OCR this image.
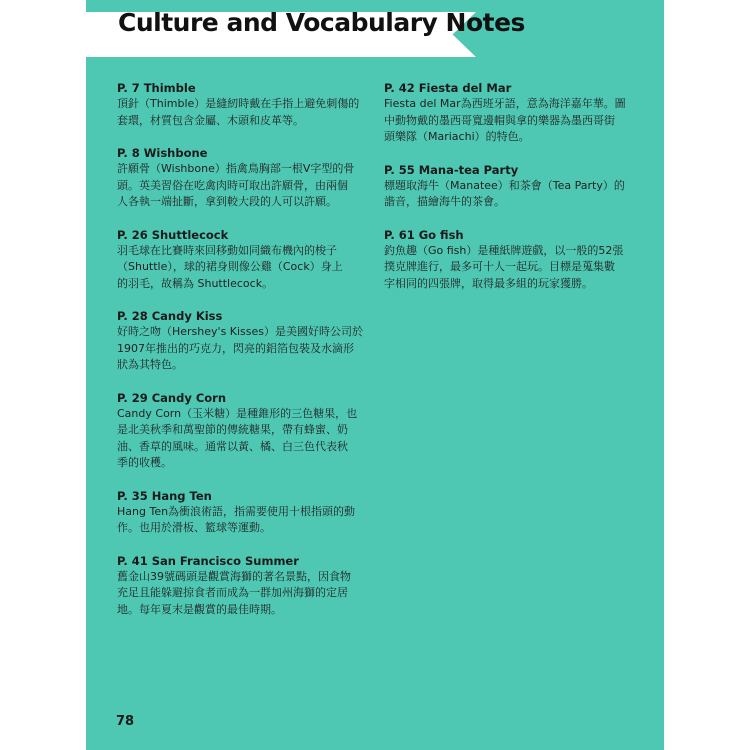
Culture and Vocabulary Notes
P. 7 Thimble
頂針（Thimble）是縫紉時戴在手指上避免刺傷的
套環，材質包含金屬、木頭和皮革等。
P. 8 Wishbone
許願骨（Wishbone）指禽鳥胸部一根V字型的骨
頭。英美習俗在吃禽肉時可取出許願骨，由兩個
人各執一端扯斷，拿到較大段的人可以許願。
P. 26 Shuttlecock
羽毛球在比賽時來回移動如同織布機內的梭子
（Shuttle），球的裙身則像公雞（Cock）身上
的羽毛，故稱為 Shuttlecock。
P. 28 Candy Kiss
好時之吻（Hershey's Kisses）是美國好時公司於
1907年推出的巧克力，閃亮的鋁箔包裝及水滴形
狀為其特色。
P. 29 Candy Corn
Candy Corn（玉米糖）是種錐形的三色糖果，也
是北美秋季和萬聖節的傳統糖果，帶有蜂蜜、奶
油、香草的風味。通常以黃、橘、白三色代表秋
季的收穫。
P. 35 Hang Ten
Hang Ten為衝浪術語，指需要使用十根指頭的動
作。也用於滑板、籃球等運動。
P. 41 San Francisco Summer
舊金山39號碼頭是觀賞海獅的著名景點，因食物
充足且能躲避掠食者而成為一群加州海獅的定居
地。每年夏末是觀賞的最佳時期。
P. 42 Fiesta del Mar
Fiesta del Mar為西班牙語，意為海洋嘉年華。圖
中動物戴的墨西哥寬邊帽與拿的樂器為墨西哥街
頭樂隊（Mariachi）的特色。
P. 55 Mana-tea Party
標題取海牛（Manatee）和茶會（Tea Party）的
諧音，描繪海牛的茶會。
P. 61 Go fish
釣魚趣（Go fish）是種紙牌遊戲，以一般的52張
撲克牌進行，最多可十人一起玩。目標是蒐集數
字相同的四張牌，取得最多組的玩家獲勝。
78
